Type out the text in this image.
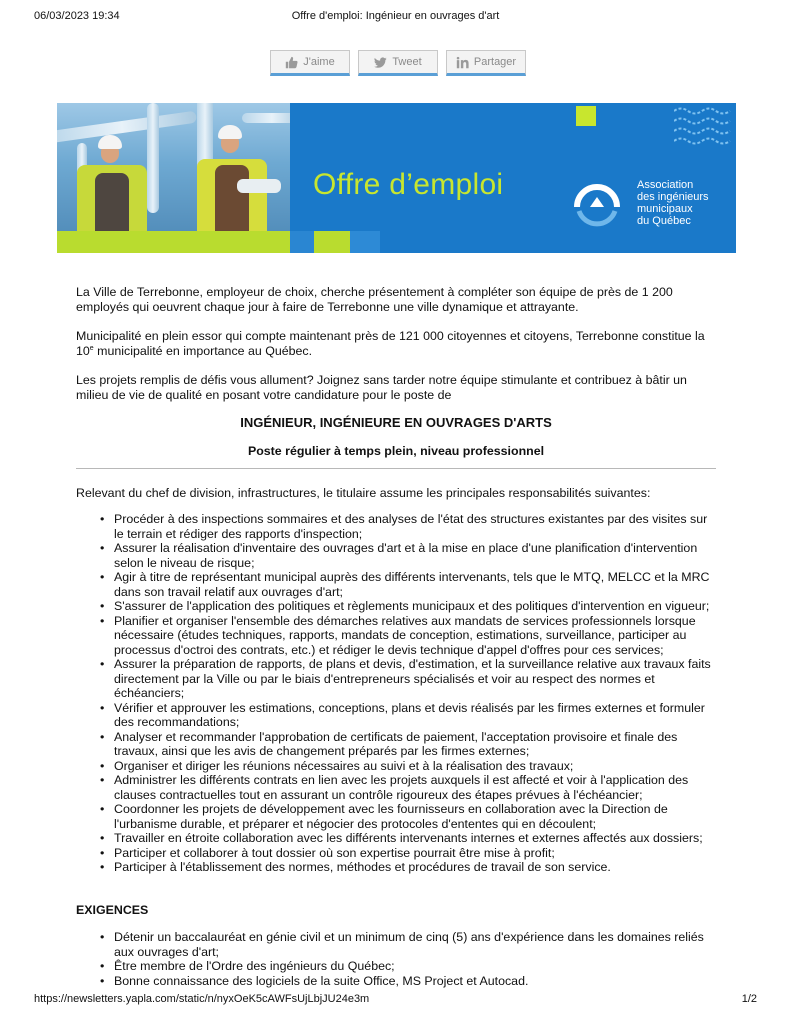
06/03/2023 19:34	Offre d'emploi: Ingénieur en ouvrages d'art
J'aime	Tweet	Partager
Offre d’emploi	Association
des ingénieurs
municipaux
du Québec

La Ville de Terrebonne, employeur de choix, cherche présentement à compléter son équipe de près de 1 200 employés qui oeuvrent chaque jour à faire de Terrebonne une ville dynamique et attrayante.

Municipalité en plein essor qui compte maintenant près de 121 000 citoyennes et citoyens, Terrebonne constitue la 10e municipalité en importance au Québec.

Les projets remplis de défis vous allument? Joignez sans tarder notre équipe stimulante et contribuez à bâtir un milieu de vie de qualité en posant votre candidature pour le poste de

INGÉNIEUR, INGÉNIEURE EN OUVRAGES D'ARTS
Poste régulier à temps plein, niveau professionnel
Relevant du chef de division, infrastructures, le titulaire assume les principales responsabilités suivantes:
• Procéder à des inspections sommaires et des analyses de l'état des structures existantes par des visites sur le terrain et rédiger des rapports d'inspection;
• Assurer la réalisation d'inventaire des ouvrages d'art et à la mise en place d'une planification d'intervention selon le niveau de risque;
• Agir à titre de représentant municipal auprès des différents intervenants, tels que le MTQ, MELCC et la MRC dans son travail relatif aux ouvrages d'art;
• S'assurer de l'application des politiques et règlements municipaux et des politiques d'intervention en vigueur;
• Planifier et organiser l'ensemble des démarches relatives aux mandats de services professionnels lorsque nécessaire (études techniques, rapports, mandats de conception, estimations, surveillance, participer au processus d'octroi des contrats, etc.) et rédiger le devis technique d'appel d'offres pour ces services;
• Assurer la préparation de rapports, de plans et devis, d'estimation, et la surveillance relative aux travaux faits directement par la Ville ou par le biais d'entrepreneurs spécialisés et voir au respect des normes et échéanciers;
• Vérifier et approuver les estimations, conceptions, plans et devis réalisés par les firmes externes et formuler des recommandations;
• Analyser et recommander l'approbation de certificats de paiement, l'acceptation provisoire et finale des travaux, ainsi que les avis de changement préparés par les firmes externes;
• Organiser et diriger les réunions nécessaires au suivi et à la réalisation des travaux;
• Administrer les différents contrats en lien avec les projets auxquels il est affecté et voir à l'application des clauses contractuelles tout en assurant un contrôle rigoureux des étapes prévues à l'échéancier;
• Coordonner les projets de développement avec les fournisseurs en collaboration avec la Direction de l'urbanisme durable, et préparer et négocier des protocoles d'ententes qui en découlent;
• Travailler en étroite collaboration avec les différents intervenants internes et externes affectés aux dossiers;
• Participer et collaborer à tout dossier où son expertise pourrait être mise à profit;
• Participer à l'établissement des normes, méthodes et procédures de travail de son service.
EXIGENCES
• Détenir un baccalauréat en génie civil et un minimum de cinq (5) ans d'expérience dans les domaines reliés aux ouvrages d'art;
• Être membre de l'Ordre des ingénieurs du Québec;
• Bonne connaissance des logiciels de la suite Office, MS Project et Autocad.
https://newsletters.yapla.com/static/n/nyxOeK5cAWFsUjLbjJU24e3m	1/2
